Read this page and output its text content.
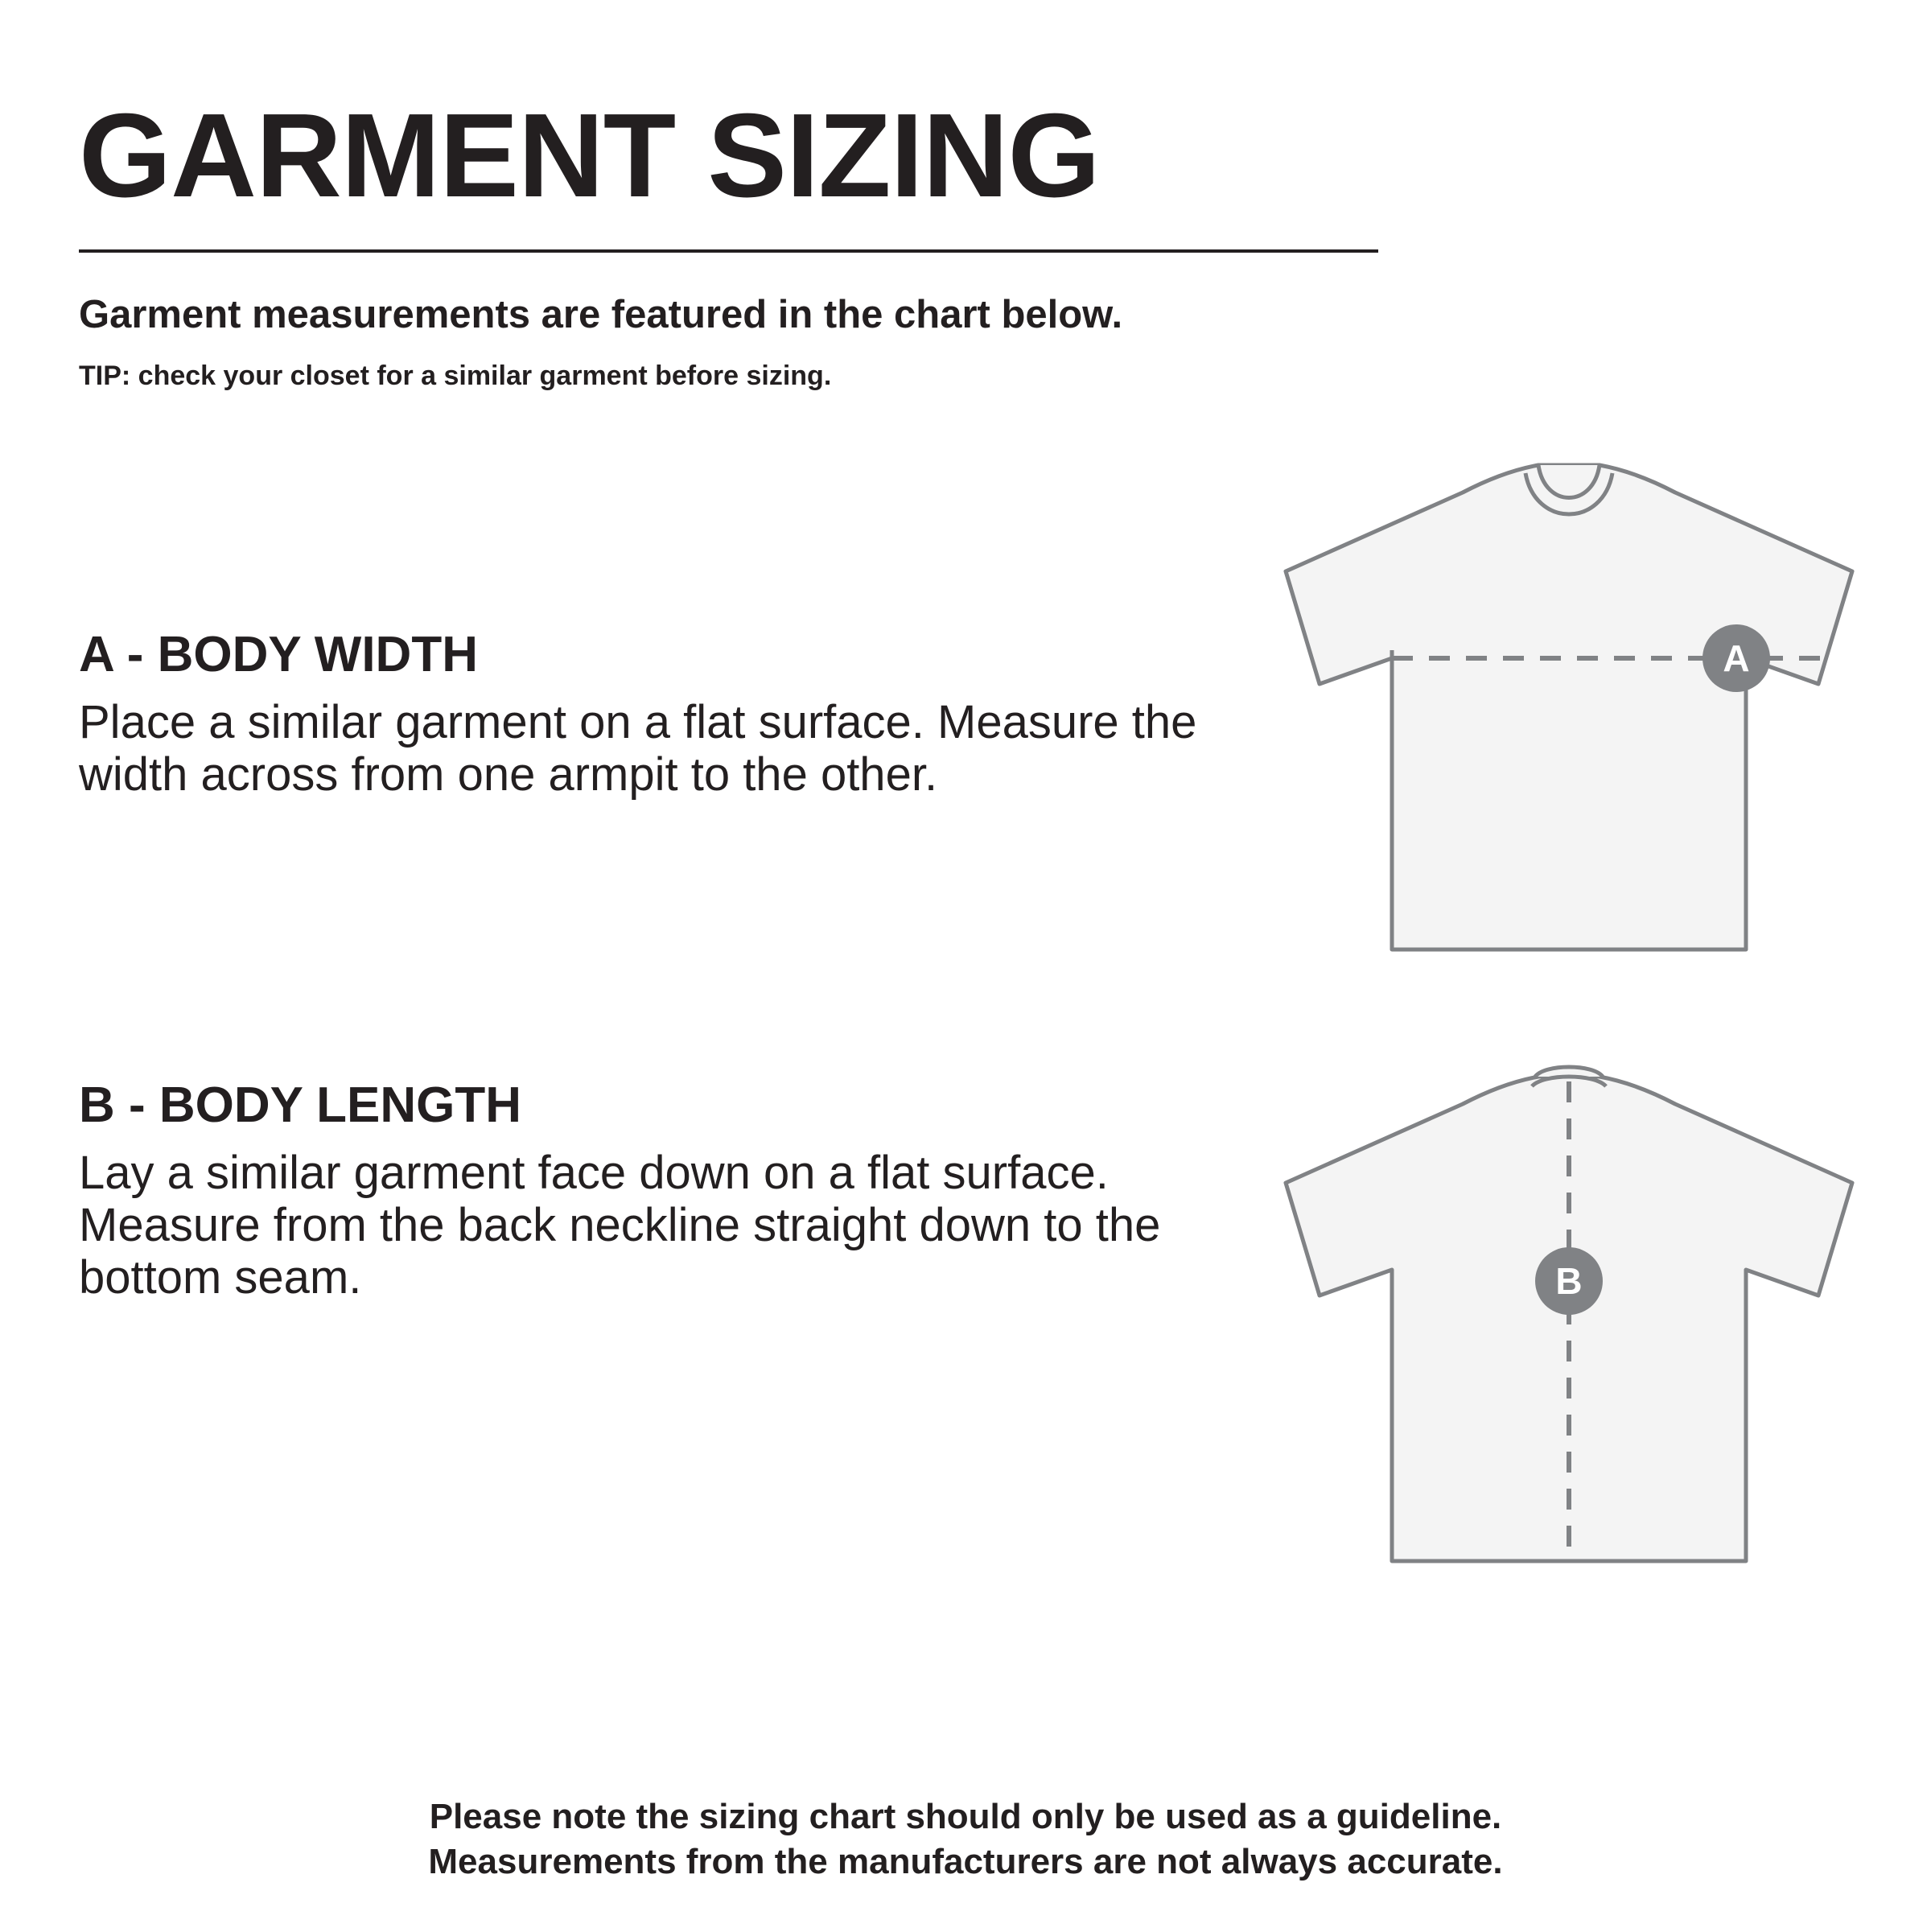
GARMENT SIZING
Garment measurements are featured in the chart below.
TIP: check your closet for a similar garment before sizing.
A - BODY WIDTH

Place a similar garment on a flat surface. Measure the width across from one armpit to the other.

A
B - BODY LENGTH

Lay a similar garment face down on a flat surface. Measure from the back neckline straight down to the bottom seam.	B
Please note the sizing chart should only be used as a guideline.
Measurements from the manufacturers are not always accurate.
